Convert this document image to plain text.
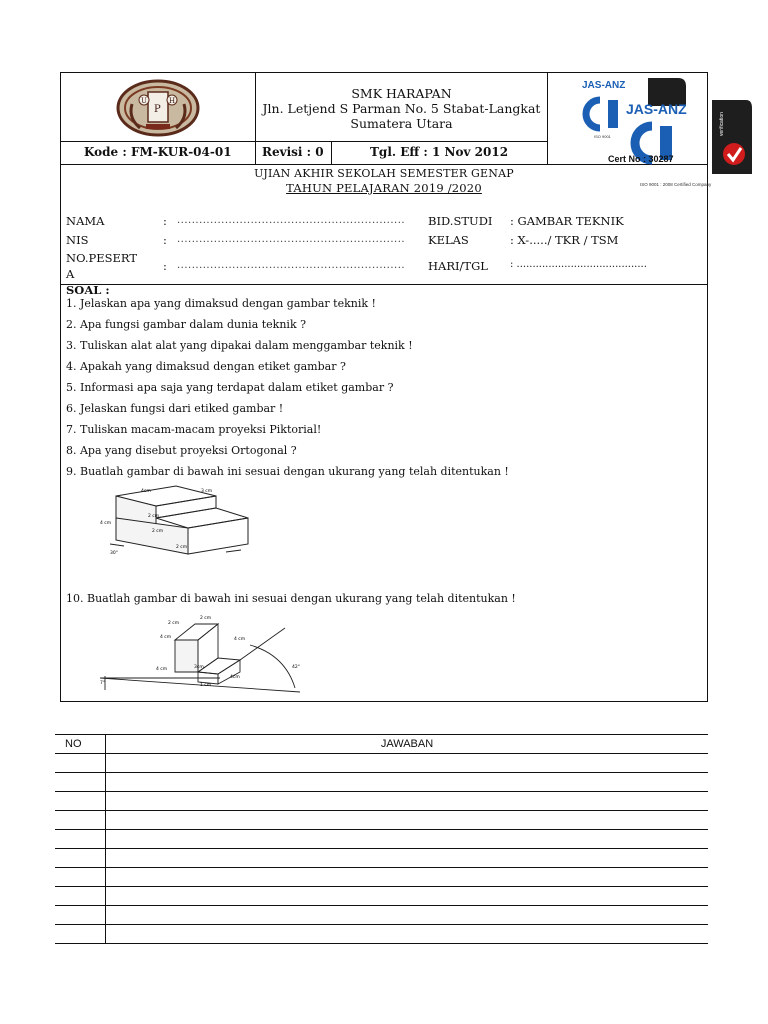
U
P
H	SMK HARAPAN
Jln. Letjend S Parman No. 5 Stabat-Langkat
Sumatera Utara
Kode : FM-KUR-04-01	Revisi : 0	Tgl. Eff : 1 Nov 2012
JAS-ANZ
ISO 9001
JAS-ANZ
Cert No : 30287
ISO 9001 : 2008 Certified Company
verification
UJIAN AKHIR SEKOLAH SEMESTER GENAP
TAHUN PELAJARAN 2019 /2020
NAMA	: ..............................................................
NIS	: ..............................................................
NO.PESERT
A
: ..............................................................
BID.STUDI : GAMBAR TEKNIK
KELAS	: X-...../ TKR / TSM
HARI/TGL : .........................................
SOAL :
1. Jelaskan apa yang dimaksud dengan gambar teknik !
2. Apa fungsi gambar dalam dunia teknik ?
3. Tuliskan alat alat yang dipakai dalam menggambar teknik !
4. Apakah yang dimaksud dengan etiket gambar ?
5. Informasi apa saja yang terdapat dalam etiket gambar ?
6. Jelaskan fungsi dari etiked gambar !
7. Tuliskan macam-macam proyeksi Piktorial!
8. Apa yang disebut proyeksi Ortogonal ?
9. Buatlah gambar di bawah ini sesuai dengan ukurang yang telah ditentukan !
4cm	3 cm
4 cm
2 cm
2 cm
2 cm
30°
10. Buatlah gambar di bawah ini sesuai dengan ukurang yang telah ditentukan !
2 cm
2 cm
4 cm	4 cm
3cm
4 cm
4cm
1 cm
7°
42°
NO	JAWABAN
